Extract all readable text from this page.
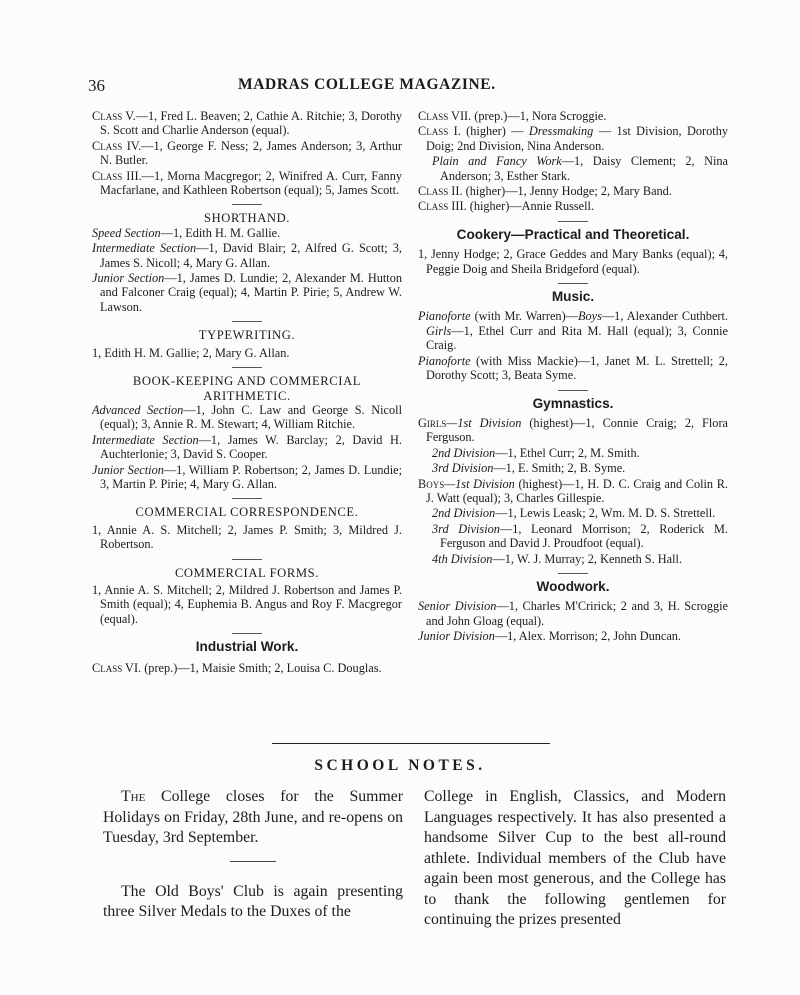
36	MADRAS COLLEGE MAGAZINE.

Class V.—1, Fred L. Beaven; 2, Cathie A. Ritchie; 3, Dorothy S. Scott and Charlie Anderson (equal).

Class IV.—1, George F. Ness; 2, James Anderson; 3, Arthur N. Butler.

Class III.—1, Morna Macgregor; 2, Winifred A. Curr, Fanny Macfarlane, and Kathleen Robertson (equal); 5, James Scott.

SHORTHAND.

Speed Section—1, Edith H. M. Gallie.

Intermediate Section—1, David Blair; 2, Alfred G. Scott; 3, James S. Nicoll; 4, Mary G. Allan.

Junior Section—1, James D. Lundie; 2, Alexander M. Hutton and Falconer Craig (equal); 4, Martin P. Pirie; 5, Andrew W. Lawson.

TYPEWRITING.

1, Edith H. M. Gallie; 2, Mary G. Allan.

BOOK-KEEPING AND COMMERCIAL ARITHMETIC.

Advanced Section—1, John C. Law and George S. Nicoll (equal); 3, Annie R. M. Stewart; 4, William Ritchie.

Intermediate Section—1, James W. Barclay; 2, David H. Auchterlonie; 3, David S. Cooper.

Junior Section—1, William P. Robertson; 2, James D. Lundie; 3, Martin P. Pirie; 4, Mary G. Allan.

COMMERCIAL CORRESPONDENCE.

1, Annie A. S. Mitchell; 2, James P. Smith; 3, Mildred J. Robertson.

COMMERCIAL FORMS.

1, Annie A. S. Mitchell; 2, Mildred J. Robertson and James P. Smith (equal); 4, Euphemia B. Angus and Roy F. Macgregor (equal).

Industrial Work.

Class VI. (prep.)—1, Maisie Smith; 2, Louisa C. Douglas.

Class VII. (prep.)—1, Nora Scroggie.

Class I. (higher) — Dressmaking — 1st Division, Dorothy Doig; 2nd Division, Nina Anderson.

Plain and Fancy Work—1, Daisy Clement; 2, Nina Anderson; 3, Esther Stark.

Class II. (higher)—1, Jenny Hodge; 2, Mary Band.

Class III. (higher)—Annie Russell.

Cookery—Practical and Theoretical.

1, Jenny Hodge; 2, Grace Geddes and Mary Banks (equal); 4, Peggie Doig and Sheila Bridgeford (equal).

Music.

Pianoforte (with Mr. Warren)—Boys—1, Alexander Cuthbert. Girls—1, Ethel Curr and Rita M. Hall (equal); 3, Connie Craig.

Pianoforte (with Miss Mackie)—1, Janet M. L. Strettell; 2, Dorothy Scott; 3, Beata Syme.

Gymnastics.

Girls—1st Division (highest)—1, Connie Craig; 2, Flora Ferguson.

2nd Division—1, Ethel Curr; 2, M. Smith.

3rd Division—1, E. Smith; 2, B. Syme.

Boys—1st Division (highest)—1, H. D. C. Craig and Colin R. J. Watt (equal); 3, Charles Gillespie.

2nd Division—1, Lewis Leask; 2, Wm. M. D. S. Strettell.

3rd Division—1, Leonard Morrison; 2, Roderick M. Ferguson and David J. Proudfoot (equal).

4th Division—1, W. J. Murray; 2, Kenneth S. Hall.

Woodwork.

Senior Division—1, Charles M'Cririck; 2 and 3, H. Scroggie and John Gloag (equal).

Junior Division—1, Alex. Morrison; 2, John Duncan.

SCHOOL NOTES.

The College closes for the Summer Holidays on Friday, 28th June, and re-opens on Tuesday, 3rd September.

The Old Boys' Club is again presenting three Silver Medals to the Duxes of the

College in English, Classics, and Modern Languages respectively. It has also presented a handsome Silver Cup to the best all-round athlete. Individual members of the Club have again been most generous, and the College has to thank the following gentlemen for continuing the prizes presented
